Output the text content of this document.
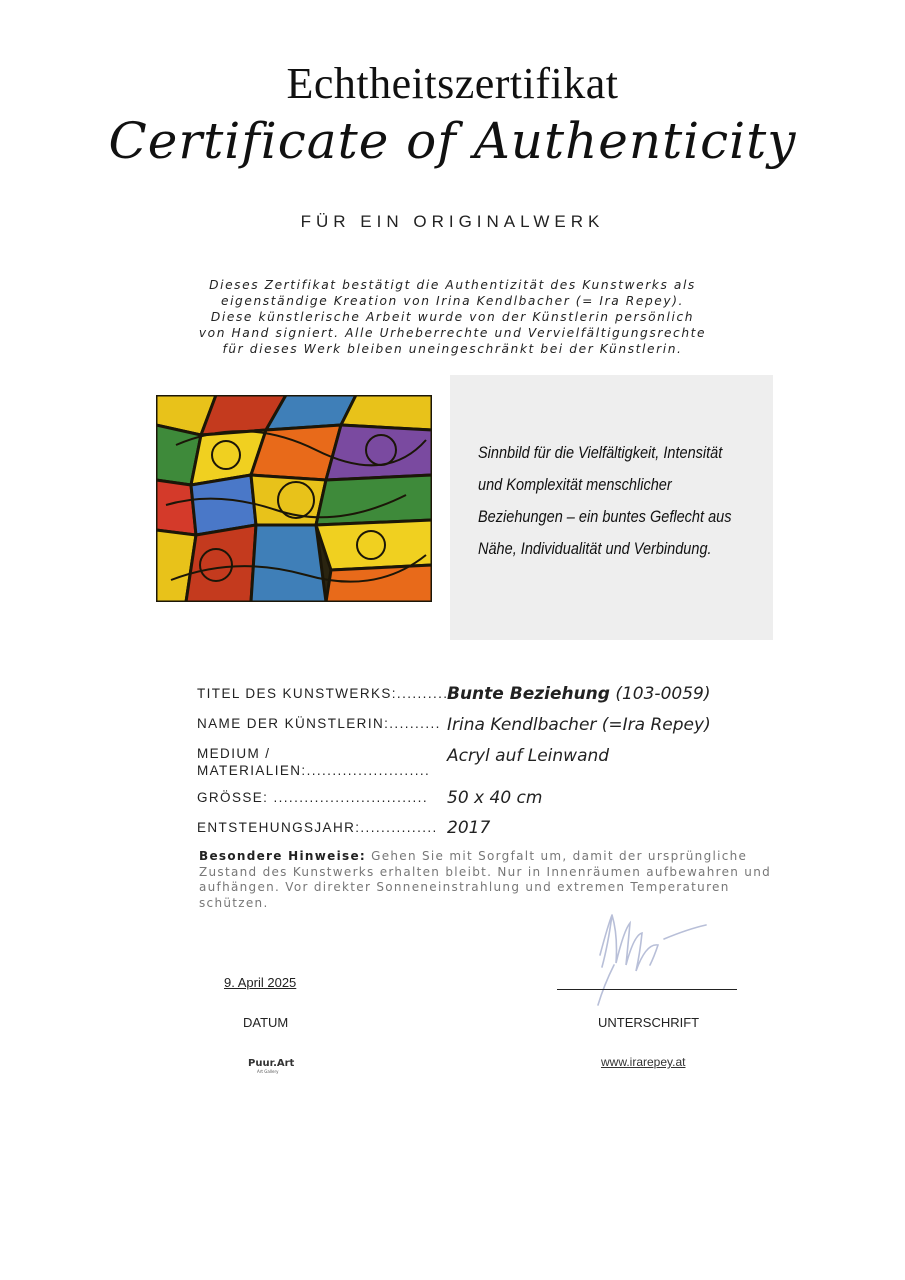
Echtheitszertifikat
Certificate of Authenticity
FÜR EIN ORIGINALWERK
Dieses Zertifikat bestätigt die Authentizität des Kunstwerks als
eigenständige Kreation von Irina Kendlbacher (= Ira Repey).
Diese künstlerische Arbeit wurde von der Künstlerin persönlich
von Hand signiert. Alle Urheberrechte und Vervielfältigungsrechte
für dieses Werk bleiben uneingeschränkt bei der Künstlerin.
Sinnbild für die Vielfältigkeit, Intensität
und Komplexität menschlicher
Beziehungen – ein buntes Geflecht aus
Nähe, Individualität und Verbindung.
TITEL DES KUNSTWERKS:..........
Bunte Beziehung (103-0059)
NAME DER KÜNSTLERIN:.......... Irina Kendlbacher (=Ira Repey)
MEDIUM /
MATERIALIEN:........................
Acryl auf Leinwand
GRÖSSE: .............................. 50 x 40 cm
ENTSTEHUNGSJAHR:............... 2017
Besondere Hinweise: Gehen Sie mit Sorgfalt um, damit der ursprüngliche Zustand des Kunstwerks erhalten bleibt. Nur in Innenräumen aufbewahren und aufhängen. Vor direkter Sonneneinstrahlung und extremen Temperaturen schützen.
9. April 2025
DATUM	UNTERSCHRIFT
www.irarepey.at
Puur.Art
Art Gallery
